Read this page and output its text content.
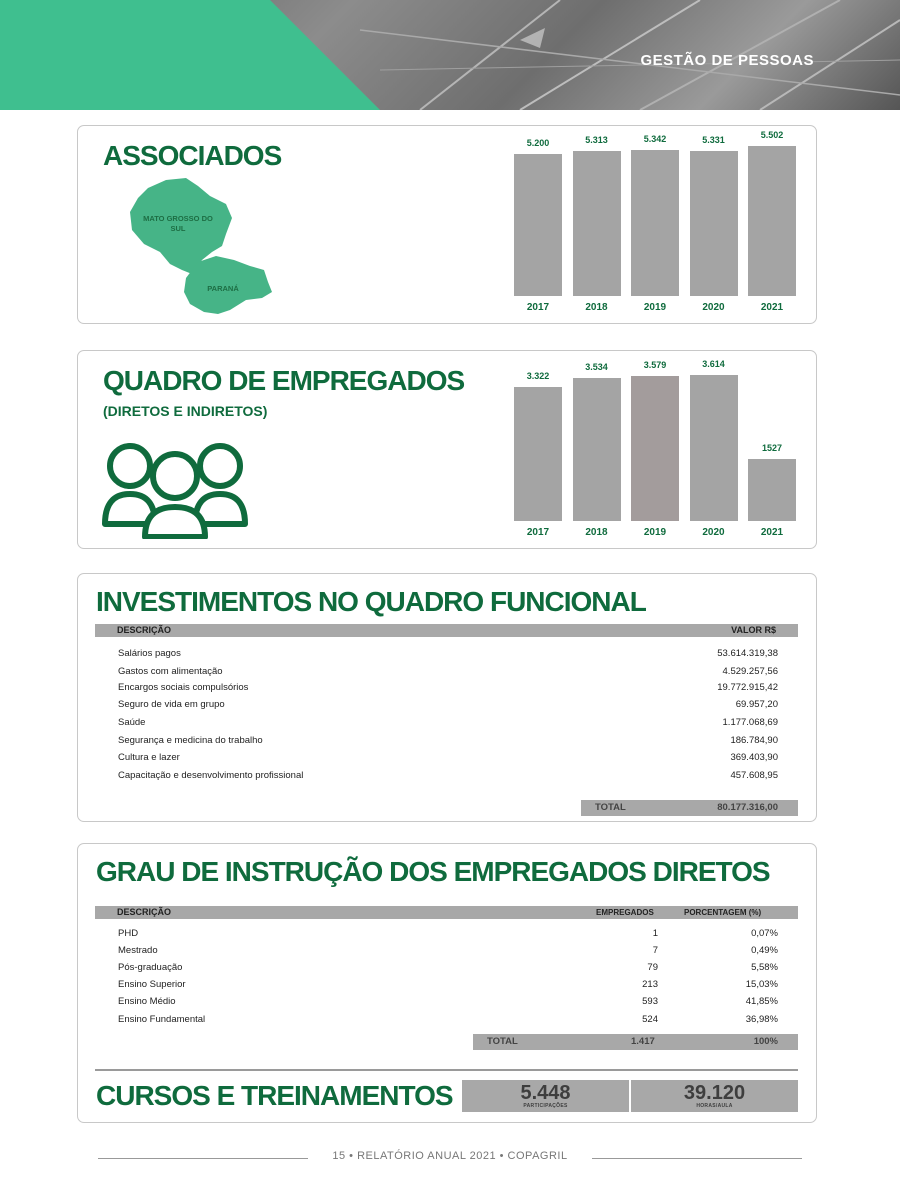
GESTÃO DE PESSOAS
ASSOCIADOS
MATO GROSSO DO SUL
PARANÁ
5.200
2017
5.313
2018
5.342
2019
5.331
2020
5.502
2021
QUADRO DE EMPREGADOS
(DIRETOS E INDIRETOS)
3.322
2017
3.534
2018
3.579
2019
3.614
2020
1527
2021
INVESTIMENTOS NO QUADRO FUNCIONAL
DESCRIÇÃO	VALOR R$
Salários pagos	53.614.319,38
Gastos com alimentação	4.529.257,56
Encargos sociais compulsórios	19.772.915,42
Seguro de vida em grupo	69.957,20
Saúde	1.177.068,69
Segurança e medicina do trabalho	186.784,90
Cultura e lazer	369.403,90
Capacitação e desenvolvimento profissional	457.608,95
TOTAL	80.177.316,00
GRAU DE INSTRUÇÃO DOS EMPREGADOS DIRETOS
DESCRIÇÃO	EMPREGADOS	PORCENTAGEM (%)
PHD	1	0,07%
Mestrado	7	0,49%
Pós-graduação	79	5,58%
Ensino Superior	213	15,03%
Ensino Médio	593	41,85%
Ensino Fundamental	524	36,98%
TOTAL	1.417	100%
CURSOS E TREINAMENTOS	5.448
PARTICIPAÇÕES
39.120
HORAS/AULA
15 • RELATÓRIO ANUAL 2021 • COPAGRIL
